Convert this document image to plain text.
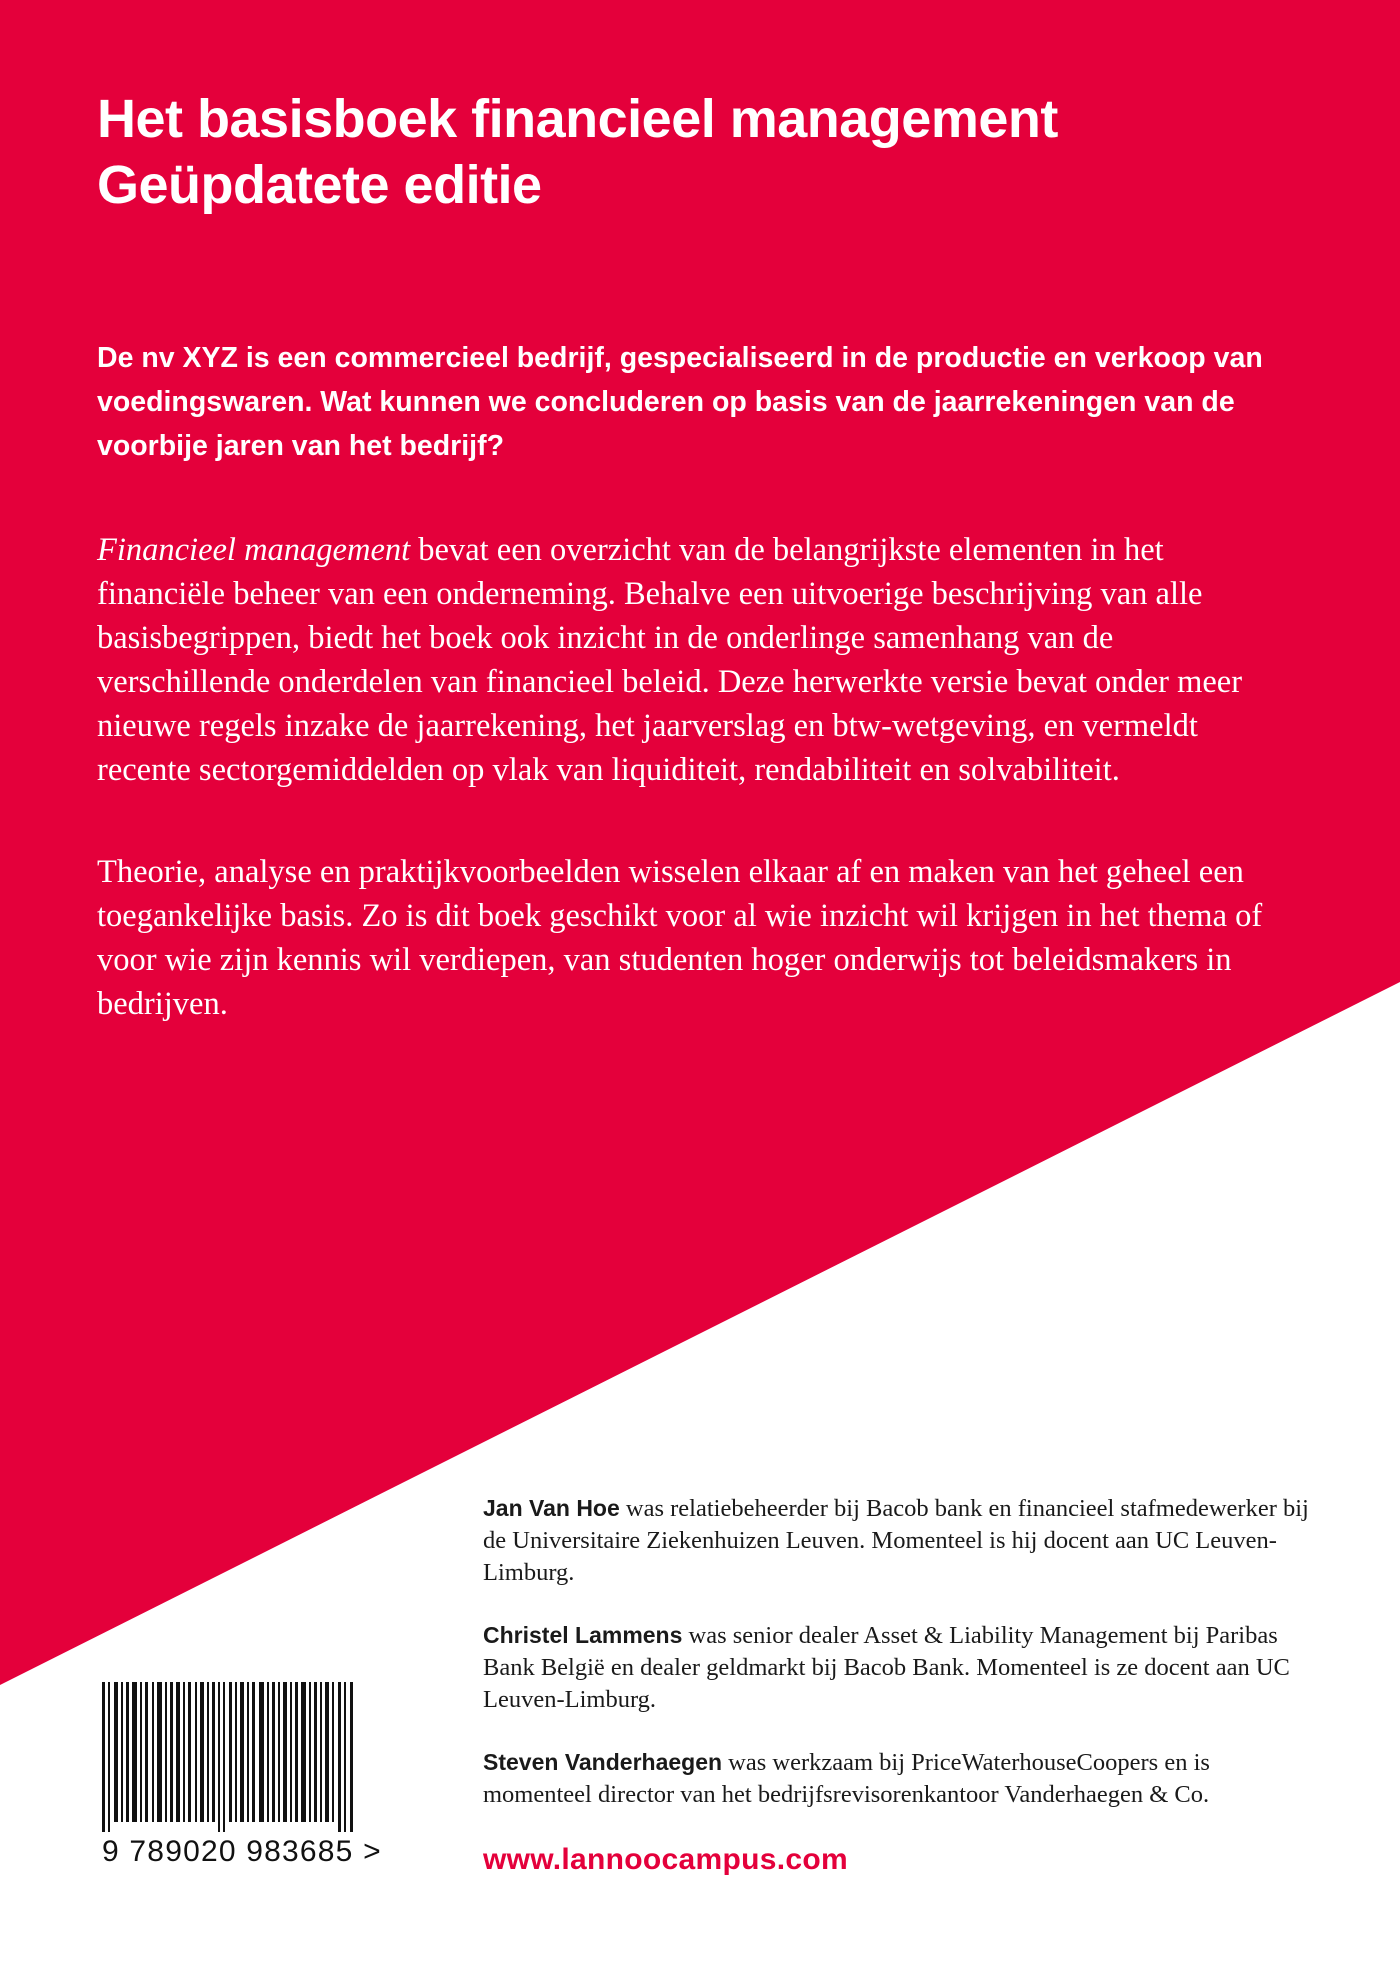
Het basisboek financieel management
Geüpdatete editie

De nv XYZ is een commercieel bedrijf, gespecialiseerd in de productie en verkoop van voedingswaren. Wat kunnen we concluderen op basis van de jaarrekeningen van de voorbije jaren van het bedrijf?

Financieel management bevat een overzicht van de belangrijkste elementen in het financiële beheer van een onderneming. Behalve een uitvoerige beschrijving van alle basisbegrippen, biedt het boek ook inzicht in de onderlinge samenhang van de verschillende onderdelen van financieel beleid. Deze herwerkte versie bevat onder meer nieuwe regels inzake de jaarrekening, het jaarverslag en btw-wetgeving, en vermeldt recente sectorgemiddelden op vlak van liquiditeit, rendabiliteit en solvabiliteit.

Theorie, analyse en praktijkvoorbeelden wisselen elkaar af en maken van het geheel een toegankelijke basis. Zo is dit boek geschikt voor al wie inzicht wil krijgen in het thema of voor wie zijn kennis wil verdiepen, van studenten hoger onderwijs tot beleidsmakers in bedrijven.

Jan Van Hoe was relatiebeheerder bij Bacob bank en financieel stafmedewerker bij de Universitaire Ziekenhuizen Leuven. Momenteel is hij docent aan UC Leuven-Limburg.

Christel Lammens was senior dealer Asset & Liability Management bij Paribas Bank België en dealer geldmarkt bij Bacob Bank. Momenteel is ze docent aan UC Leuven-Limburg.

Steven Vanderhaegen was werkzaam bij PriceWaterhouseCoopers en is momenteel director van het bedrijfsrevisorenkantoor Vanderhaegen & Co.

www.lannoocampus.com

9 789020 983685 >
